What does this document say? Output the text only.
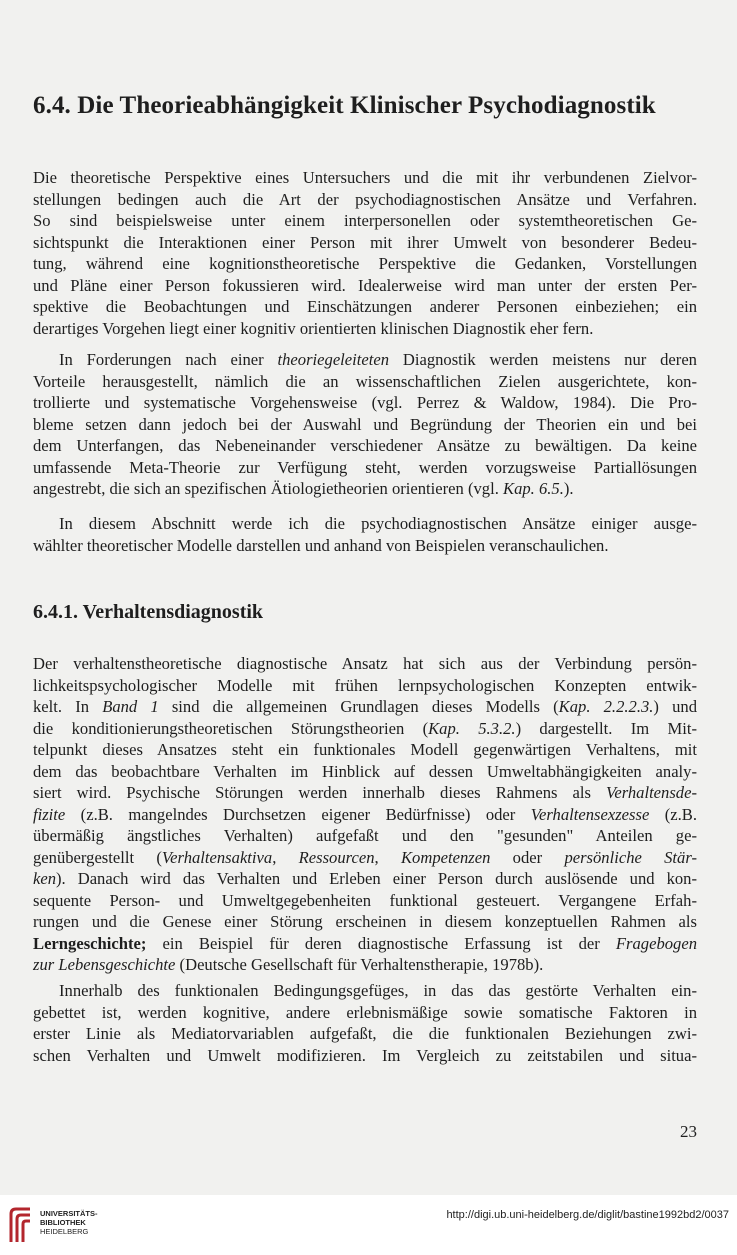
6.4. Die Theorieabhängigkeit Klinischer Psychodiagnostik
Die theoretische Perspektive eines Untersuchers und die mit ihr verbundenen Zielvor-
stellungen bedingen auch die Art der psychodiagnostischen Ansätze und Verfahren.
So sind beispielsweise unter einem interpersonellen oder systemtheoretischen Ge-
sichtspunkt die Interaktionen einer Person mit ihrer Umwelt von besonderer Bedeu-
tung, während eine kognitionstheoretische Perspektive die Gedanken, Vorstellungen
und Pläne einer Person fokussieren wird. Idealerweise wird man unter der ersten Per-
spektive die Beobachtungen und Einschätzungen anderer Personen einbeziehen; ein
derartiges Vorgehen liegt einer kognitiv orientierten klinischen Diagnostik eher fern.
In Forderungen nach einer theoriegeleiteten Diagnostik werden meistens nur deren
Vorteile herausgestellt, nämlich die an wissenschaftlichen Zielen ausgerichtete, kon-
trollierte und systematische Vorgehensweise (vgl. Perrez & Waldow, 1984). Die Pro-
bleme setzen dann jedoch bei der Auswahl und Begründung der Theorien ein und bei
dem Unterfangen, das Nebeneinander verschiedener Ansätze zu bewältigen. Da keine
umfassende Meta-Theorie zur Verfügung steht, werden vorzugsweise Partiallösungen
angestrebt, die sich an spezifischen Ätiologietheorien orientieren (vgl. Kap. 6.5.).
In diesem Abschnitt werde ich die psychodiagnostischen Ansätze einiger ausge-
wählter theoretischer Modelle darstellen und anhand von Beispielen veranschaulichen.
6.4.1. Verhaltensdiagnostik
Der verhaltenstheoretische diagnostische Ansatz hat sich aus der Verbindung persön-
lichkeitspsychologischer Modelle mit frühen lernpsychologischen Konzepten entwik-
kelt. In Band 1 sind die allgemeinen Grundlagen dieses Modells (Kap. 2.2.2.3.) und
die konditionierungstheoretischen Störungstheorien (Kap. 5.3.2.) dargestellt. Im Mit-
telpunkt dieses Ansatzes steht ein funktionales Modell gegenwärtigen Verhaltens, mit
dem das beobachtbare Verhalten im Hinblick auf dessen Umweltabhängigkeiten analy-
siert wird. Psychische Störungen werden innerhalb dieses Rahmens als Verhaltensde-
fizite (z.B. mangelndes Durchsetzen eigener Bedürfnisse) oder Verhaltensexzesse (z.B.
übermäßig ängstliches Verhalten) aufgefaßt und den "gesunden" Anteilen ge-
genübergestellt (Verhaltensaktiva, Ressourcen, Kompetenzen oder persönliche Stär-
ken). Danach wird das Verhalten und Erleben einer Person durch auslösende und kon-
sequente Person- und Umweltgegebenheiten funktional gesteuert. Vergangene Erfah-
rungen und die Genese einer Störung erscheinen in diesem konzeptuellen Rahmen als
Lerngeschichte; ein Beispiel für deren diagnostische Erfassung ist der Fragebogen
zur Lebensgeschichte (Deutsche Gesellschaft für Verhaltenstherapie, 1978b).
Innerhalb des funktionalen Bedingungsgefüges, in das das gestörte Verhalten ein-
gebettet ist, werden kognitive, andere erlebnismäßige sowie somatische Faktoren in
erster Linie als Mediatorvariablen aufgefaßt, die die funktionalen Beziehungen zwi-
schen Verhalten und Umwelt modifizieren. Im Vergleich zu zeitstabilen und situa-
23
UNIVERSITÄTS-
BIBLIOTHEK
HEIDELBERG
http://digi.ub.uni-heidelberg.de/diglit/bastine1992bd2/0037
